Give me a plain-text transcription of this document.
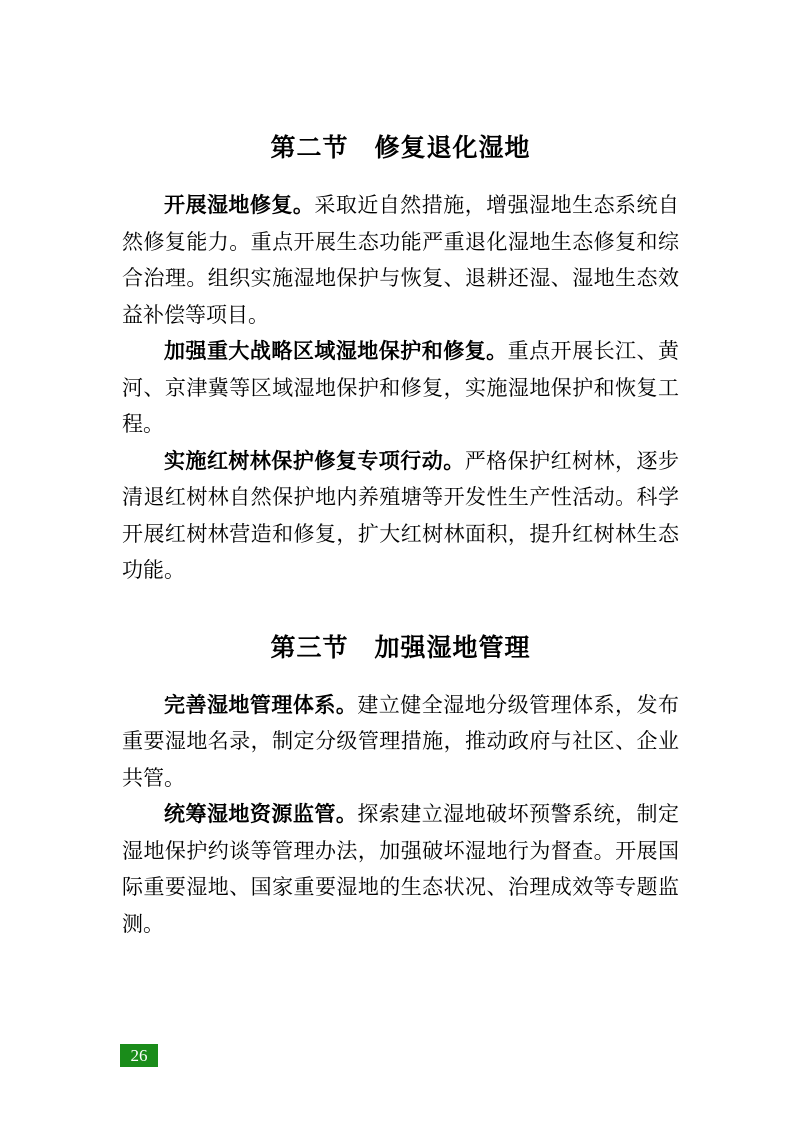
第二节　修复退化湿地

开展湿地修复。采取近自然措施，增强湿地生态系统自然修复能力。重点开展生态功能严重退化湿地生态修复和综合治理。组织实施湿地保护与恢复、退耕还湿、湿地生态效益补偿等项目。

加强重大战略区域湿地保护和修复。重点开展长江、黄河、京津冀等区域湿地保护和修复，实施湿地保护和恢复工程。

实施红树林保护修复专项行动。严格保护红树林，逐步清退红树林自然保护地内养殖塘等开发性生产性活动。科学开展红树林营造和修复，扩大红树林面积，提升红树林生态功能。

第三节　加强湿地管理

完善湿地管理体系。建立健全湿地分级管理体系，发布重要湿地名录，制定分级管理措施，推动政府与社区、企业共管。

统筹湿地资源监管。探索建立湿地破坏预警系统，制定湿地保护约谈等管理办法，加强破坏湿地行为督查。开展国际重要湿地、国家重要湿地的生态状况、治理成效等专题监测。

26
